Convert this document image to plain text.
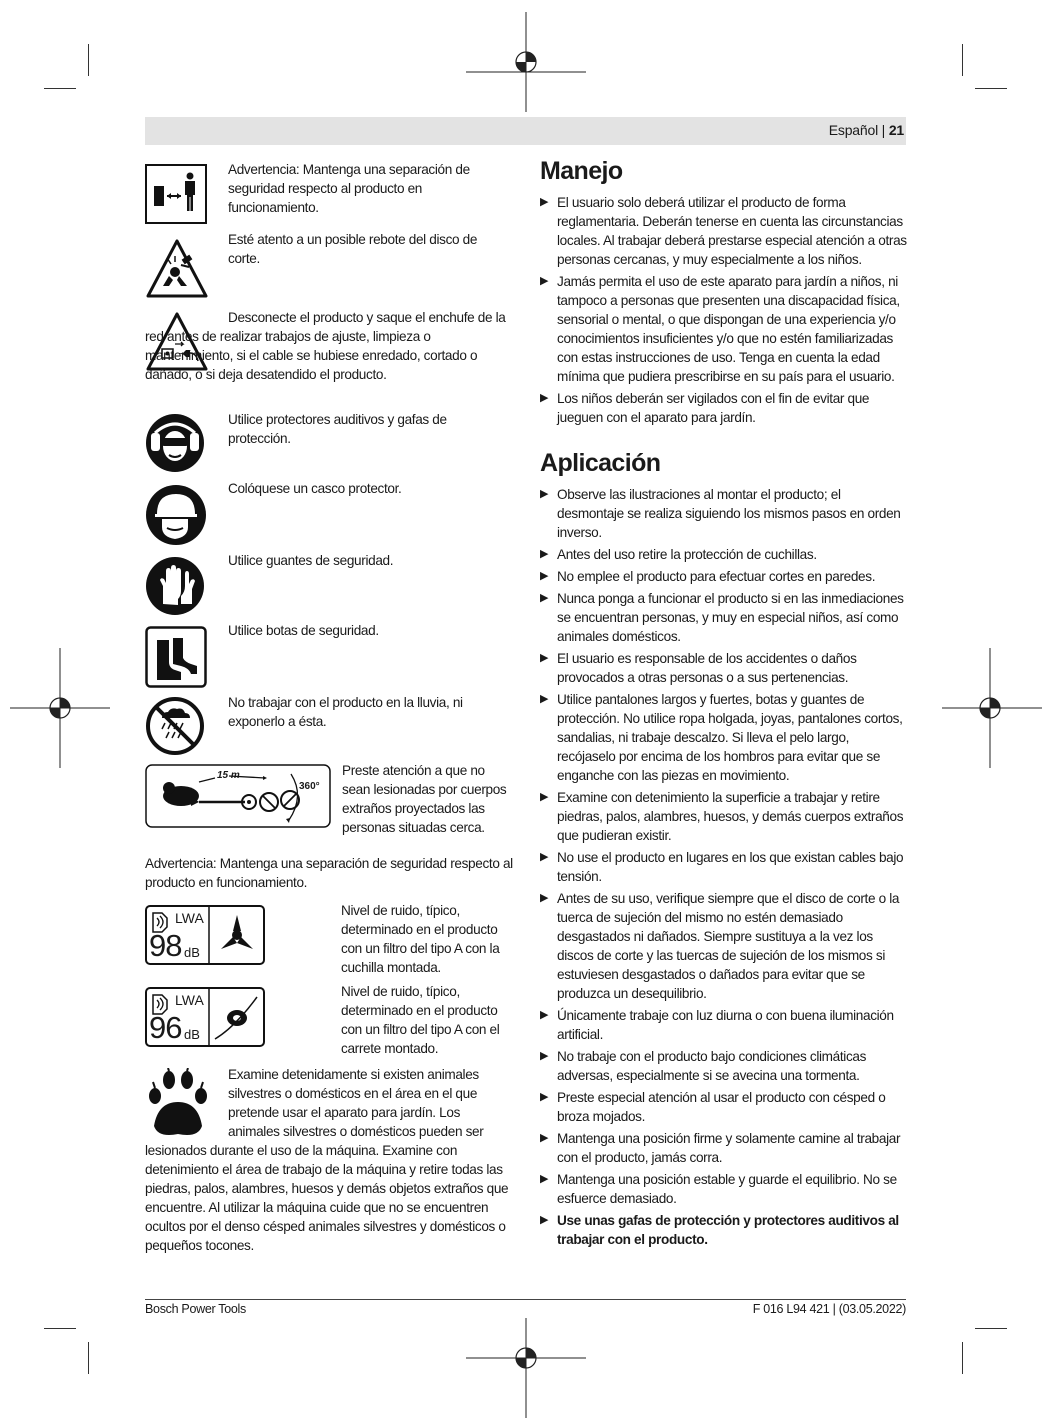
Español | 21
Advertencia: Mantenga una separación de seguridad respecto al producto en funcionamiento.
Esté atento a un posible rebote del disco de corte.
Desconecte el producto y saque el enchufe de la red antes de realizar trabajos de ajuste, limpieza o mantenimiento, si el cable se hubiese enredado, cortado o dañado, o si deja desatendido el producto.
Utilice protectores auditivos y gafas de protección.
Colóquese un casco protector.
Utilice guantes de seguridad.
Utilice botas de seguridad.
No trabajar con el producto en la lluvia, ni exponerlo a ésta.
15 m
360°
Preste atención a que no sean lesionadas por cuerpos extraños proyectados las personas situadas cerca.
Advertencia: Mantenga una separación de seguridad respecto al producto en funcionamiento.
LWA
98 dB
Nivel de ruido, típico, determinado en el producto con un filtro del tipo A con la cuchilla montada.
LWA
96 dB
Nivel de ruido, típico, determinado en el producto con un filtro del tipo A con el carrete montado.
Examine detenidamente si existen animales silvestres o domésticos en el área en el que pretende usar el aparato para jardín. Los animales silvestres o domésticos pueden ser lesionados durante el uso de la máquina. Examine con detenimiento el área de trabajo de la máquina y retire todas las piedras, palos, alambres, huesos y demás objetos extraños que encuentre. Al utilizar la máquina cuide que no se encuentren ocultos por el denso césped animales silvestres y domésticos o pequeños tocones.
Manejo
▶ El usuario solo deberá utilizar el producto de forma reglamentaria. Deberán tenerse en cuenta las circunstancias locales. Al trabajar deberá prestarse especial atención a otras personas cercanas, y muy especialmente a los niños.
▶ Jamás permita el uso de este aparato para jardín a niños, ni tampoco a personas que presenten una discapacidad física, sensorial o mental, o que dispongan de una experiencia y/o conocimientos insuficientes y/o que no estén familiarizadas con estas instrucciones de uso. Tenga en cuenta la edad mínima que pudiera prescribirse en su país para el usuario.
▶ Los niños deberán ser vigilados con el fin de evitar que jueguen con el aparato para jardín.
Aplicación
▶ Observe las ilustraciones al montar el producto; el desmontaje se realiza siguiendo los mismos pasos en orden inverso.
▶ Antes del uso retire la protección de cuchillas.
▶ No emplee el producto para efectuar cortes en paredes.
▶ Nunca ponga a funcionar el producto si en las inmediaciones se encuentran personas, y muy en especial niños, así como animales domésticos.
▶ El usuario es responsable de los accidentes o daños provocados a otras personas o a sus pertenencias.
▶ Utilice pantalones largos y fuertes, botas y guantes de protección. No utilice ropa holgada, joyas, pantalones cortos, sandalias, ni trabaje descalzo. Si lleva el pelo largo, recójaselo por encima de los hombros para evitar que se enganche con las piezas en movimiento.
▶ Examine con detenimiento la superficie a trabajar y retire piedras, palos, alambres, huesos, y demás cuerpos extraños que pudieran existir.
▶ No use el producto en lugares en los que existan cables bajo tensión.
▶ Antes de su uso, verifique siempre que el disco de corte o la tuerca de sujeción del mismo no estén demasiado desgastados ni dañados. Siempre sustituya a la vez los discos de corte y las tuercas de sujeción de los mismos si estuviesen desgastados o dañados para evitar que se produzca un desequilibrio.
▶ Únicamente trabaje con luz diurna o con buena iluminación artificial.
▶ No trabaje con el producto bajo condiciones climáticas adversas, especialmente si se avecina una tormenta.
▶ Preste especial atención al usar el producto con césped o broza mojados.
▶ Mantenga una posición firme y solamente camine al trabajar con el producto, jamás corra.
▶ Mantenga una posición estable y guarde el equilibrio. No se esfuerce demasiado.
▶ Use unas gafas de protección y protectores auditivos al trabajar con el producto.
Bosch Power Tools	F 016 L94 421 | (03.05.2022)
